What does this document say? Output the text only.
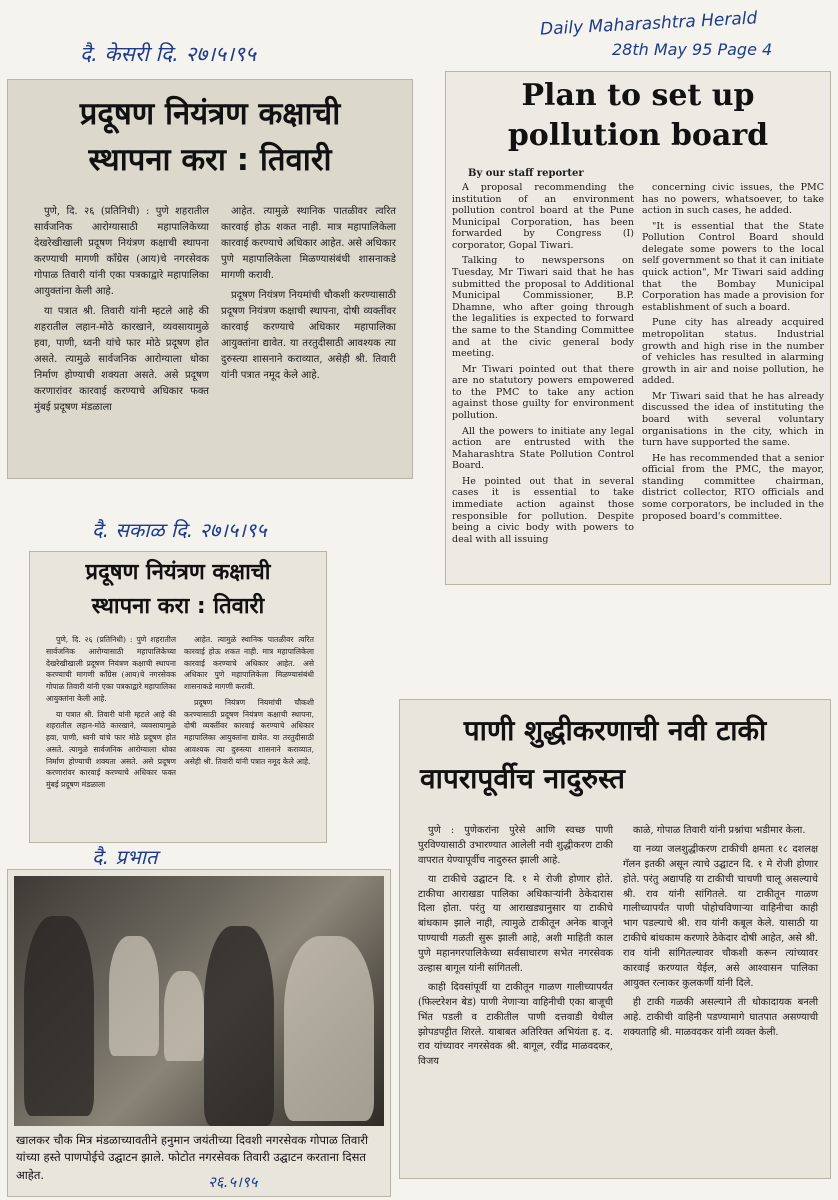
दै. केसरी दि. २७।५।९५
Daily Maharashtra Herald
28th May 95 Page 4
दै. सकाळ दि. २७।५।९५
दै. प्रभात
प्रदूषण नियंत्रण कक्षाची
स्थापना करा : तिवारी

पुणे, दि. २६ (प्रतिनिधी) : पुणे शहरातील सार्वजनिक आरोग्यासाठी महापालिकेच्या देखरेखीखाली प्रदूषण नियंत्रण कक्षाची स्थापना करण्याची मागणी काँग्रेस (आय)चे नगरसेवक गोपाळ तिवारी यांनी एका पत्रकाद्वारे महापालिका आयुक्तांना केली आहे.

या पत्रात श्री. तिवारी यांनी म्हटले आहे की शहरातील लहान-मोठे कारखाने, व्यवसायामुळे हवा, पाणी, ध्वनी यांचे फार मोठे प्रदूषण होत असते. त्यामुळे सार्वजनिक आरोग्याला धोका निर्माण होण्याची शक्यता असते. असे प्रदूषण करणारांवर कारवाई करण्याचे अधिकार फक्त मुंबई प्रदूषण मंडळाला

आहेत. त्यामुळे स्थानिक पातळीवर त्वरित कारवाई होऊ शकत नाही. मात्र महापालिकेला कारवाई करण्याचे अधिकार आहेत. असे अधिकार पुणे महापालिकेला मिळण्यासंबंधी शासनाकडे मागणी करावी.

प्रदूषण नियंत्रण नियमांची चौकशी करण्यासाठी प्रदूषण नियंत्रण कक्षाची स्थापना, दोषी व्यक्तींवर कारवाई करण्याचे अधिकार महापालिका आयुक्तांना द्यावेत. या तरतुदीसाठी आवश्यक त्या दुरुस्त्या शासनाने कराव्यात, असेही श्री. तिवारी यांनी पत्रात नमूद केले आहे.

Plan to set up
pollution board
By our staff reporter

A proposal recommending the institution of an environment pollution control board at the Pune Municipal Corporation, has been forwarded by Congress (I) corporator, Gopal Tiwari.

Talking to newspersons on Tuesday, Mr Tiwari said that he has submitted the proposal to Additional Municipal Commissioner, B.P. Dhamne, who after going through the legalities is expected to forward the same to the Standing Committee and at the civic general body meeting.

Mr Tiwari pointed out that there are no statutory powers empowered to the PMC to take any action against those guilty for environment pollution.

All the powers to initiate any legal action are entrusted with the Maharashtra State Pollution Control Board.

He pointed out that in several cases it is essential to take immediate action against those responsible for pollution. Despite being a civic body with powers to deal with all issuing

concerning civic issues, the PMC has no powers, whatsoever, to take action in such cases, he added.

"It is essential that the State Pollution Control Board should delegate some powers to the local self government so that it can initiate quick action", Mr Tiwari said adding that the Bombay Municipal Corporation has made a provision for establishment of such a board.

Pune city has already acquired metropolitan status. Industrial growth and high rise in the number of vehicles has resulted in alarming growth in air and noise pollution, he added.

Mr Tiwari said that he has already discussed the idea of instituting the board with several voluntary organisations in the city, which in turn have supported the same.

He has recommended that a senior official from the PMC, the mayor, standing committee chairman, district collector, RTO officials and some corporators, be included in the proposed board's committee.

प्रदूषण नियंत्रण कक्षाची
स्थापना करा : तिवारी

पुणे, दि. २६ (प्रतिनिधी) : पुणे शहरातील सार्वजनिक आरोग्यासाठी महापालिकेच्या देखरेखीखाली प्रदूषण नियंत्रण कक्षाची स्थापना करण्याची मागणी काँग्रेस (आय)चे नगरसेवक गोपाळ तिवारी यांनी एका पत्रकाद्वारे महापालिका आयुक्तांना केली आहे.

या पत्रात श्री. तिवारी यांनी म्हटले आहे की शहरातील लहान-मोठे कारखाने, व्यवसायामुळे हवा, पाणी, ध्वनी यांचे फार मोठे प्रदूषण होत असते. त्यामुळे सार्वजनिक आरोग्याला धोका निर्माण होण्याची शक्यता असते. असे प्रदूषण करणारांवर कारवाई करण्याचे अधिकार फक्त मुंबई प्रदूषण मंडळाला

आहेत. त्यामुळे स्थानिक पातळीवर त्वरित कारवाई होऊ शकत नाही. मात्र महापालिकेला कारवाई करण्याचे अधिकार आहेत. असे अधिकार पुणे महापालिकेला मिळण्यासंबंधी शासनाकडे मागणी करावी.

प्रदूषण नियंत्रण नियमांची चौकशी करण्यासाठी प्रदूषण नियंत्रण कक्षाची स्थापना, दोषी व्यक्तींवर कारवाई करण्याचे अधिकार महापालिका आयुक्तांना द्यावेत. या तरतुदीसाठी आवश्यक त्या दुरुस्त्या शासनाने कराव्यात, असेही श्री. तिवारी यांनी पत्रात नमूद केले आहे.

खालकर चौक मित्र मंडळाच्यावतीने हनुमान जयंतीच्या दिवशी नगरसेवक गोपाळ तिवारी यांच्या हस्ते पाणपोईचे उद्घाटन झाले. फोटोत नगरसेवक तिवारी उद्घाटन करताना दिसत आहेत.	२६.५।९५
पाणी शुद्धीकरणाची नवी टाकी
वापरापूर्वीच नादुरुस्त

पुणे : पुणेकरांना पुरेसे आणि स्वच्छ पाणी पुरविण्यासाठी उभारण्यात आलेली नवी शुद्धीकरण टाकी वापरात येण्यापूर्वीच नादुरुस्त झाली आहे.

या टाकीचे उद्घाटन दि. १ मे रोजी होणार होते. टाकीचा आराखडा पालिका अधिकाऱ्यांनी ठेकेदारास दिला होता. परंतु या आराखड्यानुसार या टाकीचे बांधकाम झाले नाही, त्यामुळे टाकीतून अनेक बाजूने पाण्याची गळती सुरू झाली आहे, अशी माहिती काल पुणे महानगरपालिकेच्या सर्वसाधारण सभेत नगरसेवक उल्हास बागूल यांनी सांगितली.

काही दिवसांपूर्वी या टाकीतून गाळण गालीच्यापर्यंत (फिल्टरेशन बेड) पाणी नेणाऱ्या वाहिनीची एका बाजूची भिंत पडली व टाकीतील पाणी दत्तवाडी येथील झोपडपट्टीत शिरले. याबाबत अतिरिक्त अभियंता ह. द. राव यांच्यावर नगरसेवक श्री. बागूल, रवींद्र माळवदकर, विजय

काळे, गोपाळ तिवारी यांनी प्रश्नांचा भडीमार केला.

या नव्या जलशुद्धीकरण टाकीची क्षमता १८ दशलक्ष गॅलन इतकी असून त्याचे उद्घाटन दि. १ मे रोजी होणार होते. परंतु अद्यापहि या टाकीची चाचणी चालू असल्याचे श्री. राव यांनी सांगितले. या टाकीतून गाळण गालीच्यापर्यंत पाणी पोहोचविणाऱ्या वाहिनीचा काही भाग पडल्याचे श्री. राव यांनी कबूल केले. यासाठी या टाकीचे बांधकाम करणारे ठेकेदार दोषी आहेत, असे श्री. राव यांनी सांगितल्यावर चौकशी करून त्यांच्यावर कारवाई करण्यात येईल, असे आश्वासन पालिका आयुक्त रत्नाकर कुलकर्णी यांनी दिले.

ही टाकी गळकी असल्याने ती धोकादायक बनली आहे. टाकीची वाहिनी पडण्यामागे घातपात असण्याची शक्यताहि श्री. माळवदकर यांनी व्यक्त केली.
